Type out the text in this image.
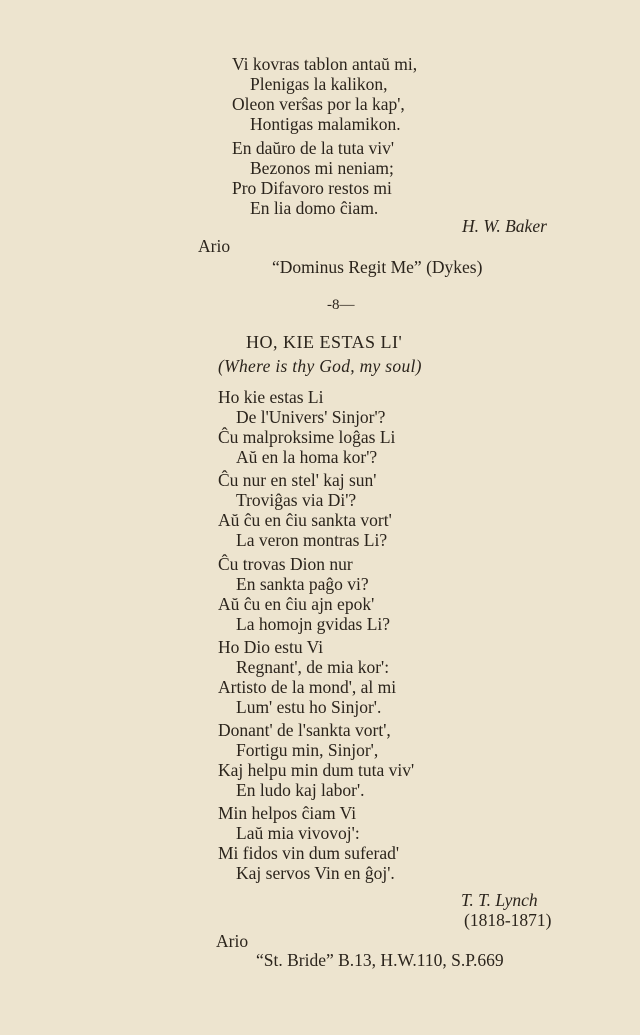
Vi kovras tablon antaŭ mi,
Plenigas la kalikon,
Oleon verŝas por la kap',
Hontigas malamikon.
En daŭro de la tuta viv'
Bezonos mi neniam;
Pro Difavoro restos mi
En lia domo ĉiam.
H. W. Baker
Ario
“Dominus Regit Me” (Dykes)
-8—
HO, KIE ESTAS LI'
(Where is thy God, my soul)
Ho kie estas Li
De l'Univers' Sinjor'?
Ĉu malproksime loĝas Li
Aŭ en la homa kor'?
Ĉu nur en stel' kaj sun'
Troviĝas via Di'?
Aŭ ĉu en ĉiu sankta vort'
La veron montras Li?
Ĉu trovas Dion nur
En sankta paĝo vi?
Aŭ ĉu en ĉiu ajn epok'
La homojn gvidas Li?
Ho Dio estu Vi
Regnant', de mia kor':
Artisto de la mond', al mi
Lum' estu ho Sinjor'.
Donant' de l'sankta vort',
Fortigu min, Sinjor',
Kaj helpu min dum tuta viv'
En ludo kaj labor'.
Min helpos ĉiam Vi
Laŭ mia vivovoj':
Mi fidos vin dum suferad'
Kaj servos Vin en ĝoj'.
T. T. Lynch
(1818-1871)
Ario
“St. Bride” B.13, H.W.110, S.P.669
